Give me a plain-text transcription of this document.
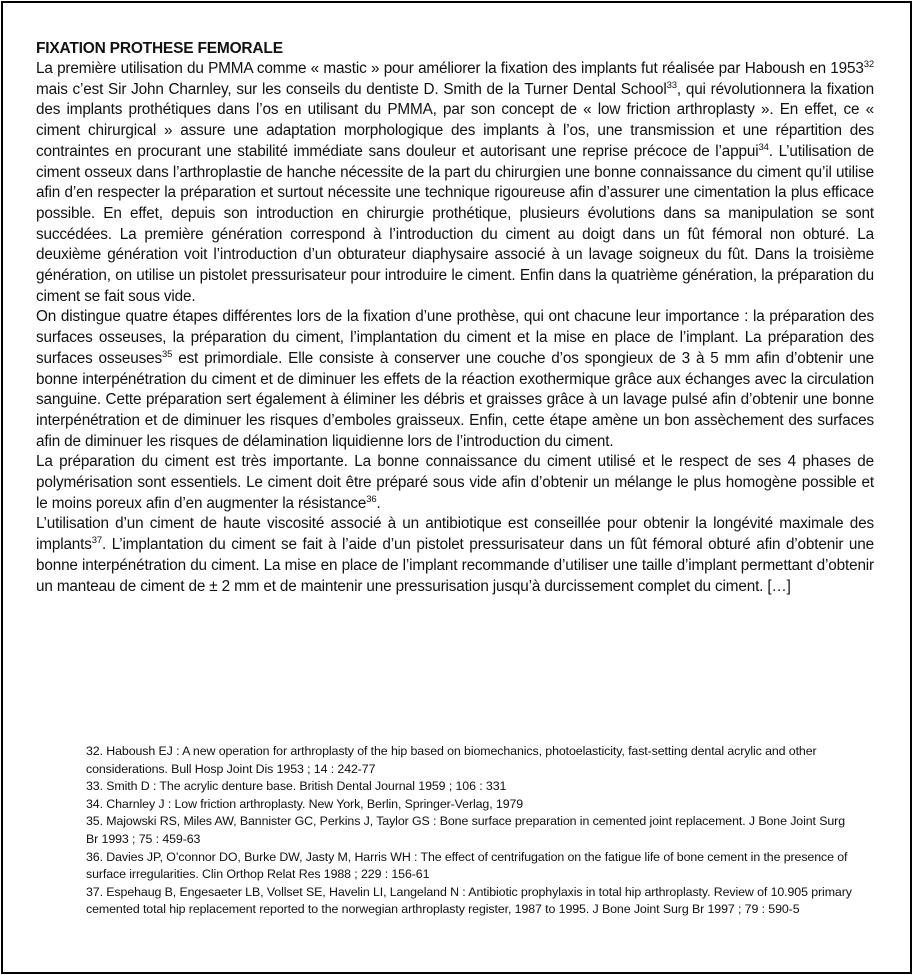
FIXATION PROTHESE FEMORALE

La première utilisation du PMMA comme « mastic » pour améliorer la fixation des implants fut réalisée par Haboush en 1953$^{32}$ mais c’est Sir John Charnley, sur les conseils du dentiste D. Smith de la Turner Dental School$^{33}$, qui révolutionnera la fixation des implants prothétiques dans l’os en utilisant du PMMA, par son concept de « low friction arthroplasty ». En effet, ce « ciment chirurgical » assure une adaptation morphologique des implants à l’os, une transmission et une répartition des contraintes en procurant une stabilité immédiate sans douleur et autorisant une reprise précoce de l’appui$^{34}$. L’utilisation de ciment osseux dans l’arthroplastie de hanche nécessite de la part du chirurgien une bonne connaissance du ciment qu’il utilise afin d’en respecter la préparation et surtout nécessite une technique rigoureuse afin d’assurer une cimentation la plus efficace possible. En effet, depuis son introduction en chirurgie prothétique, plusieurs évolutions dans sa manipulation se sont succédées. La première génération correspond à l’introduction du ciment au doigt dans un fût fémoral non obturé. La deuxième génération voit l’introduction d’un obturateur diaphysaire associé à un lavage soigneux du fût. Dans la troisième génération, on utilise un pistolet pressurisateur pour introduire le ciment. Enfin dans la quatrième génération, la préparation du ciment se fait sous vide.

On distingue quatre étapes différentes lors de la fixation d’une prothèse, qui ont chacune leur importance : la préparation des surfaces osseuses, la préparation du ciment, l’implantation du ciment et la mise en place de l’implant. La préparation des surfaces osseuses$^{35}$ est primordiale. Elle consiste à conserver une couche d’os spongieux de 3 à 5 mm afin d’obtenir une bonne interpénétration du ciment et de diminuer les effets de la réaction exothermique grâce aux échanges avec la circulation sanguine. Cette préparation sert également à éliminer les débris et graisses grâce à un lavage pulsé afin d’obtenir une bonne interpénétration et de diminuer les risques d’emboles graisseux. Enfin, cette étape amène un bon assèchement des surfaces afin de diminuer les risques de délamination liquidienne lors de l’introduction du ciment.

La préparation du ciment est très importante. La bonne connaissance du ciment utilisé et le respect de ses 4 phases de polymérisation sont essentiels. Le ciment doit être préparé sous vide afin d’obtenir un mélange le plus homogène possible et le moins poreux afin d’en augmenter la résistance$^{36}$.

L’utilisation d’un ciment de haute viscosité associé à un antibiotique est conseillée pour obtenir la longévité maximale des implants$^{37}$. L’implantation du ciment se fait à l’aide d’un pistolet pressurisateur dans un fût fémoral obturé afin d’obtenir une bonne interpénétration du ciment. La mise en place de l’implant recommande d’utiliser une taille d’implant permettant d’obtenir un manteau de ciment de ± 2 mm et de maintenir une pressurisation jusqu’à durcissement complet du ciment. […]

32. Haboush EJ : A new operation for arthroplasty of the hip based on biomechanics, photoelasticity, fast-setting dental acrylic and other considerations. Bull Hosp Joint Dis 1953 ; 14 : 242-77

33. Smith D : The acrylic denture base. British Dental Journal 1959 ; 106 : 331

34. Charnley J : Low friction arthroplasty. New York, Berlin, Springer-Verlag, 1979

35. Majowski RS, Miles AW, Bannister GC, Perkins J, Taylor GS : Bone surface preparation in cemented joint replacement. J Bone Joint Surg Br 1993 ; 75 : 459-63

36. Davies JP, O’connor DO, Burke DW, Jasty M, Harris WH : The effect of centrifugation on the fatigue life of bone cement in the presence of surface irregularities. Clin Orthop Relat Res 1988 ; 229 : 156-61

37. Espehaug B, Engesaeter LB, Vollset SE, Havelin LI, Langeland N : Antibiotic prophylaxis in total hip arthroplasty. Review of 10.905 primary cemented total hip replacement reported to the norwegian arthroplasty register, 1987 to 1995. J Bone Joint Surg Br 1997 ; 79 : 590-5
